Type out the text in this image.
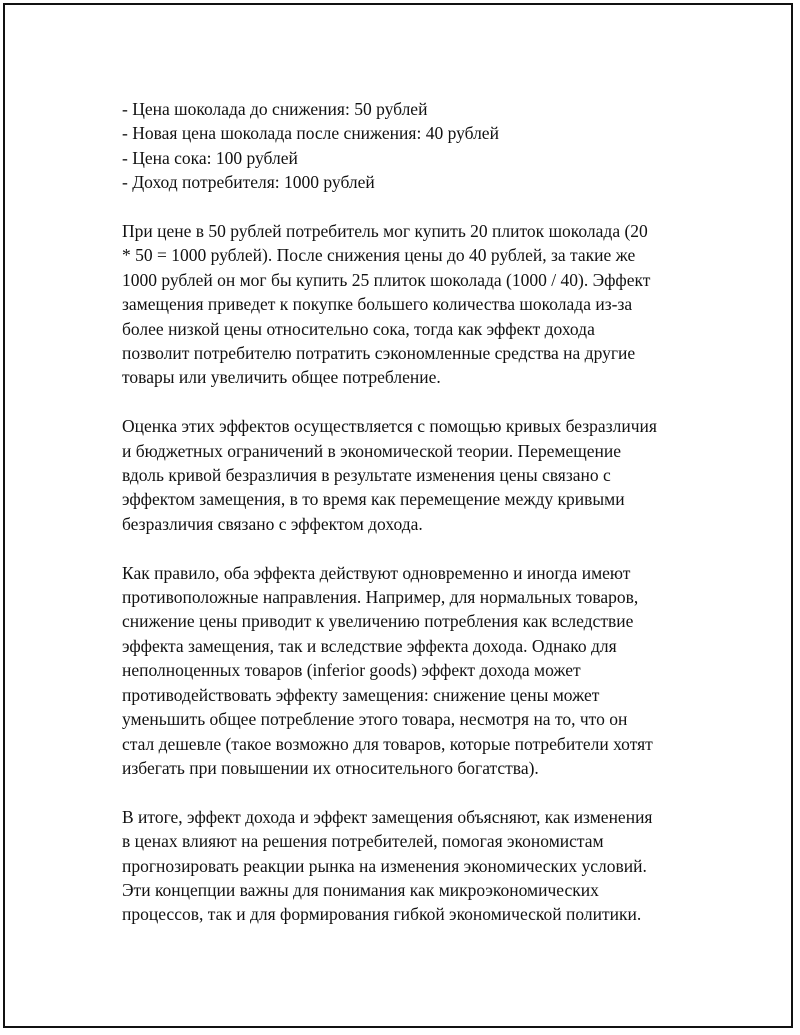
- Цена шоколада до снижения: 50 рублей
- Новая цена шоколада после снижения: 40 рублей
- Цена сока: 100 рублей
- Доход потребителя: 1000 рублей

При цене в 50 рублей потребитель мог купить 20 плиток шоколада (20
* 50 = 1000 рублей). После снижения цены до 40 рублей, за такие же
1000 рублей он мог бы купить 25 плиток шоколада (1000 / 40). Эффект
замещения приведет к покупке большего количества шоколада из-за
более низкой цены относительно сока, тогда как эффект дохода
позволит потребителю потратить сэкономленные средства на другие
товары или увеличить общее потребление.

Оценка этих эффектов осуществляется с помощью кривых безразличия
и бюджетных ограничений в экономической теории. Перемещение
вдоль кривой безразличия в результате изменения цены связано с
эффектом замещения, в то время как перемещение между кривыми
безразличия связано с эффектом дохода.

Как правило, оба эффекта действуют одновременно и иногда имеют
противоположные направления. Например, для нормальных товаров,
снижение цены приводит к увеличению потребления как вследствие
эффекта замещения, так и вследствие эффекта дохода. Однако для
неполноценных товаров (inferior goods) эффект дохода может
противодействовать эффекту замещения: снижение цены может
уменьшить общее потребление этого товара, несмотря на то, что он
стал дешевле (такое возможно для товаров, которые потребители хотят
избегать при повышении их относительного богатства).

В итоге, эффект дохода и эффект замещения объясняют, как изменения
в ценах влияют на решения потребителей, помогая экономистам
прогнозировать реакции рынка на изменения экономических условий.
Эти концепции важны для понимания как микроэкономических
процессов, так и для формирования гибкой экономической политики.
